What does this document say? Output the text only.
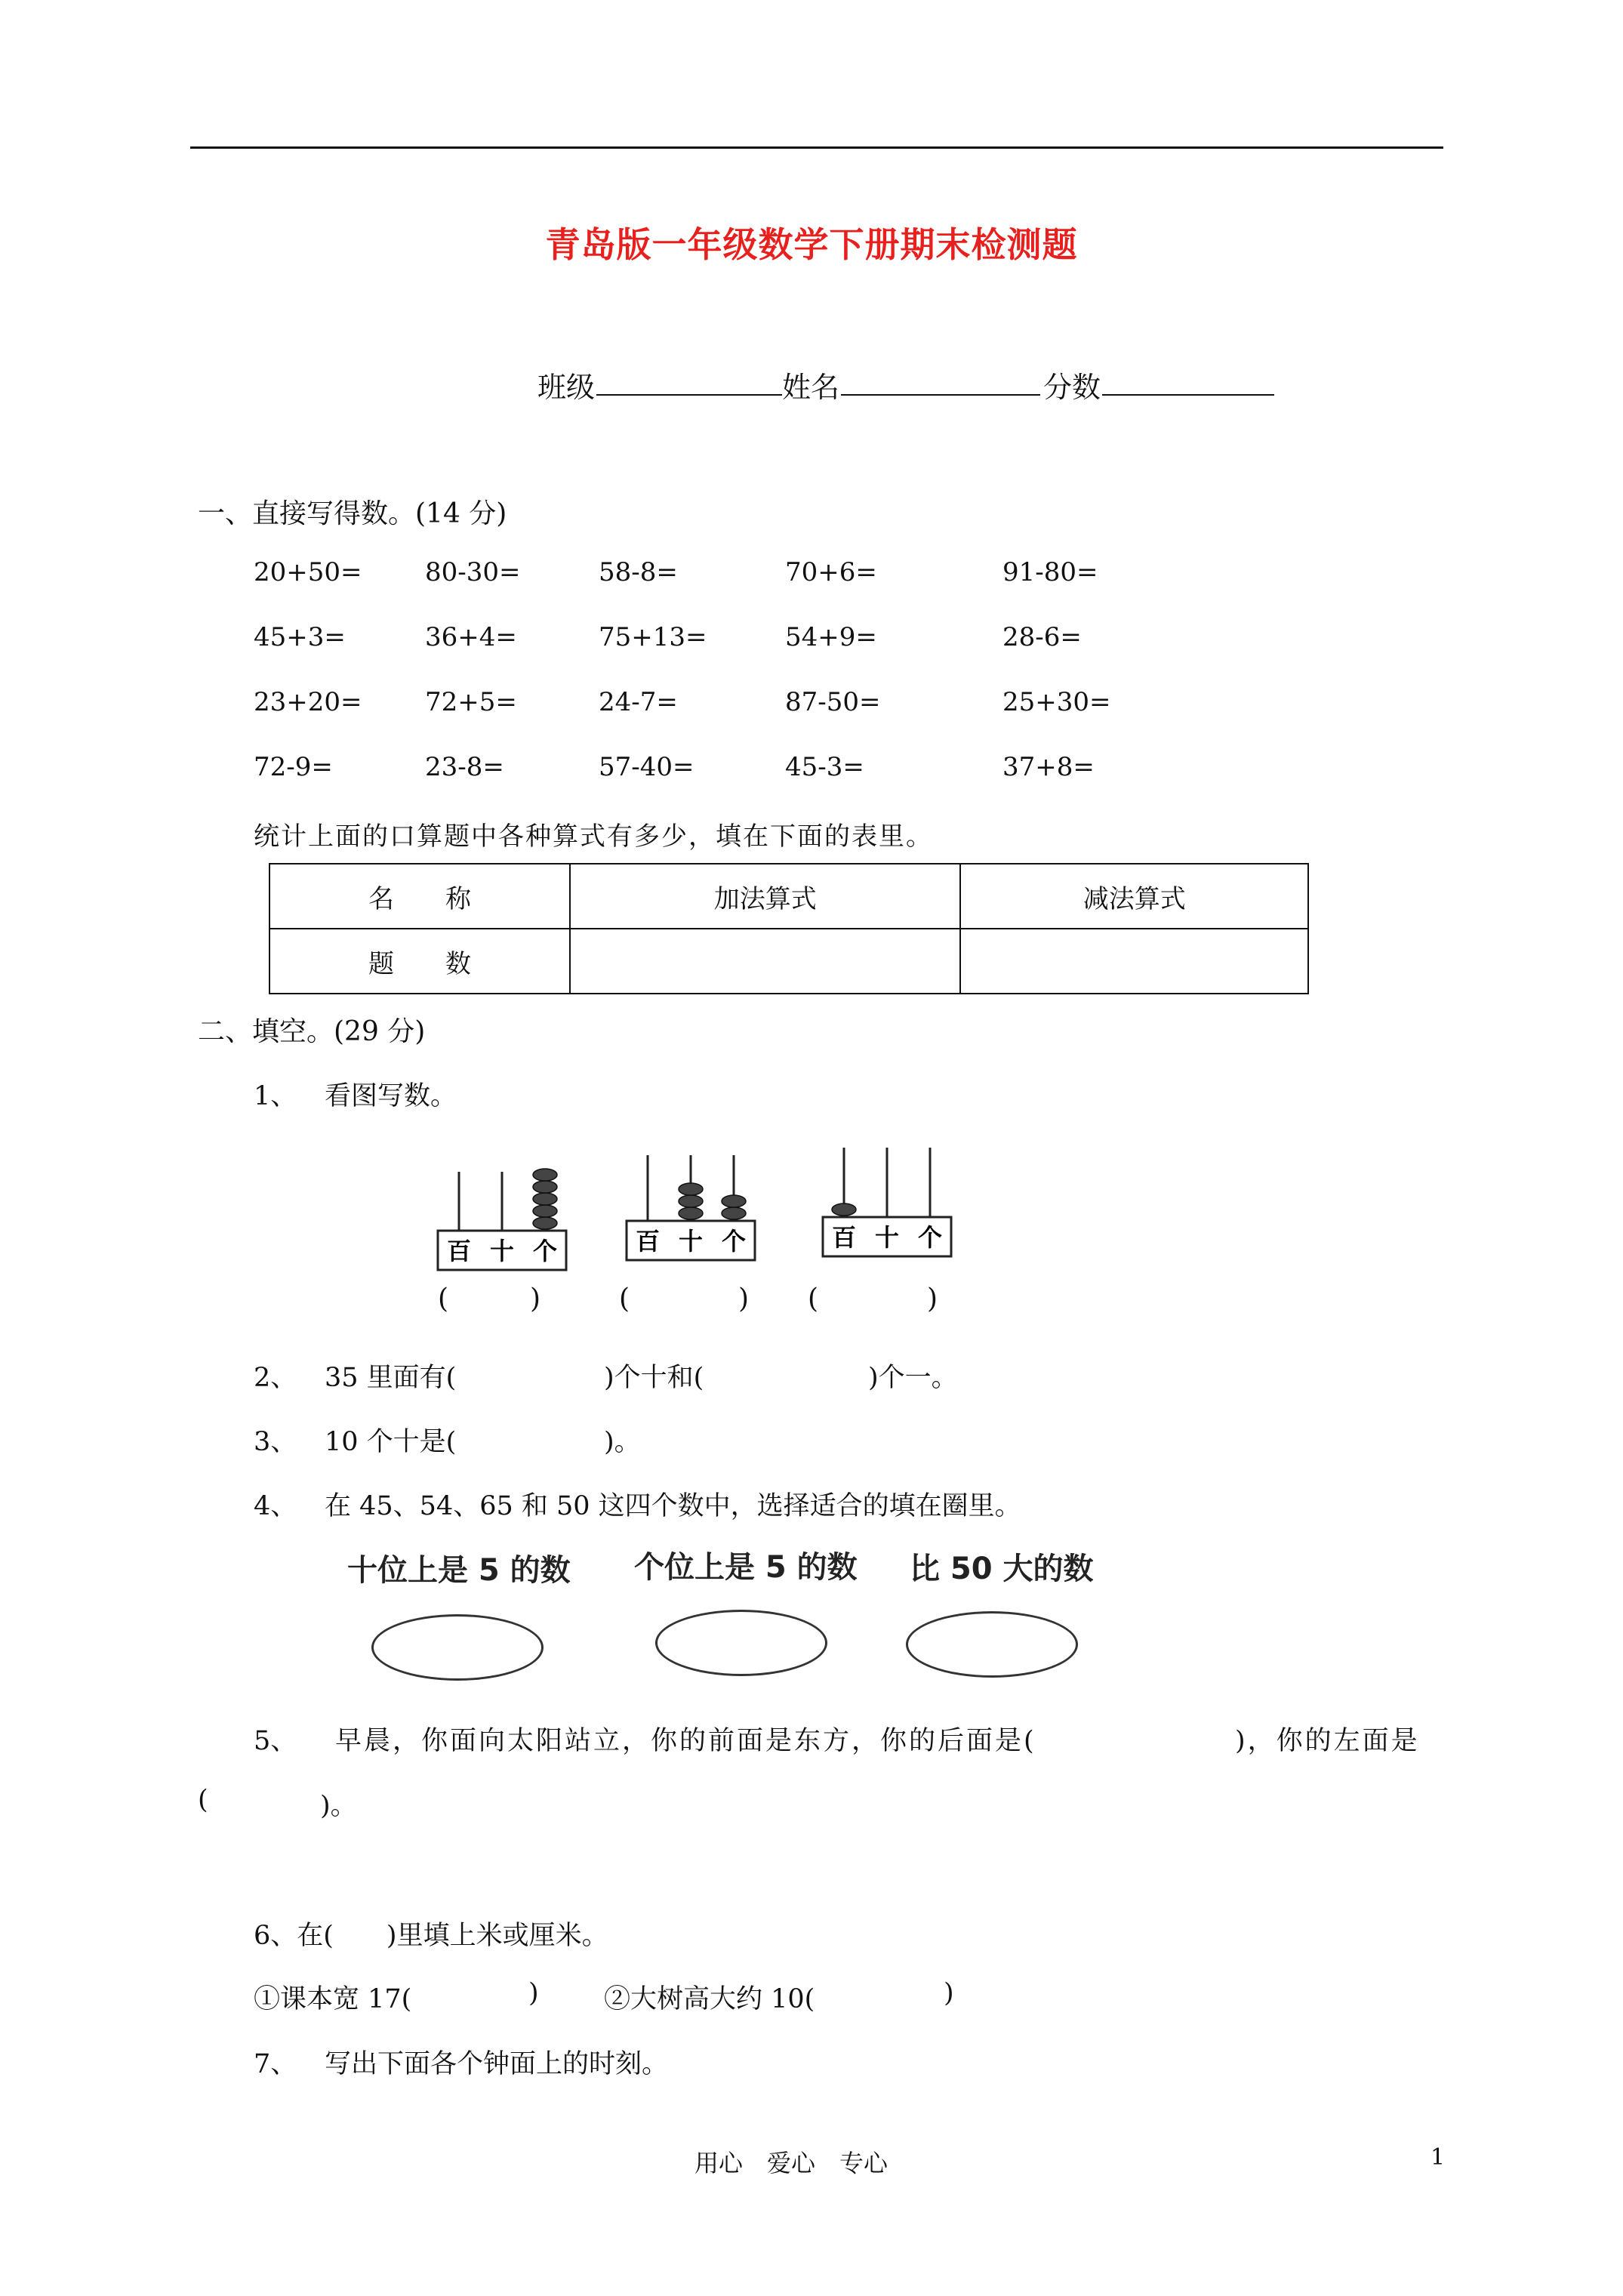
青岛版一年级数学下册期末检测题
班级	姓名	分数
一、直接写得数。(14 分)
20+50= 80-30=	58-8=	70+6=	91-80=
45+3=	36+4=	75+13=	54+9=	28-6=
23+20= 72+5=	24-7=	87-50=	25+30=
72-9=	23-8=	57-40=	45-3=	37+8=
统计上面的口算题中各种算式有多少，填在下面的表里。
名　　称	加法算式	减法算式
题　　数		
二、填空。(29 分)
1、 看图写数。
百 十 个	百 十 个	百 十 个
(　　　)	(　　　　) (　　　　)
2、 35 里面有(	)个十和(	)个一。
3、 10 个十是(	)。
4、 在 45、54、65 和 50 这四个数中，选择适合的填在圈里。
十位上是 5 的数 个位上是 5 的数 比 50 大的数
5、 早晨，你面向太阳站立，你的前面是东方，你的后面是(	)，你的左面是
(	)。
6、在(　　)里填上米或厘米。
①课本宽 17(	) ②大树高大约 10(	)
7、 写出下面各个钟面上的时刻。
用心　爱心　专心	1
